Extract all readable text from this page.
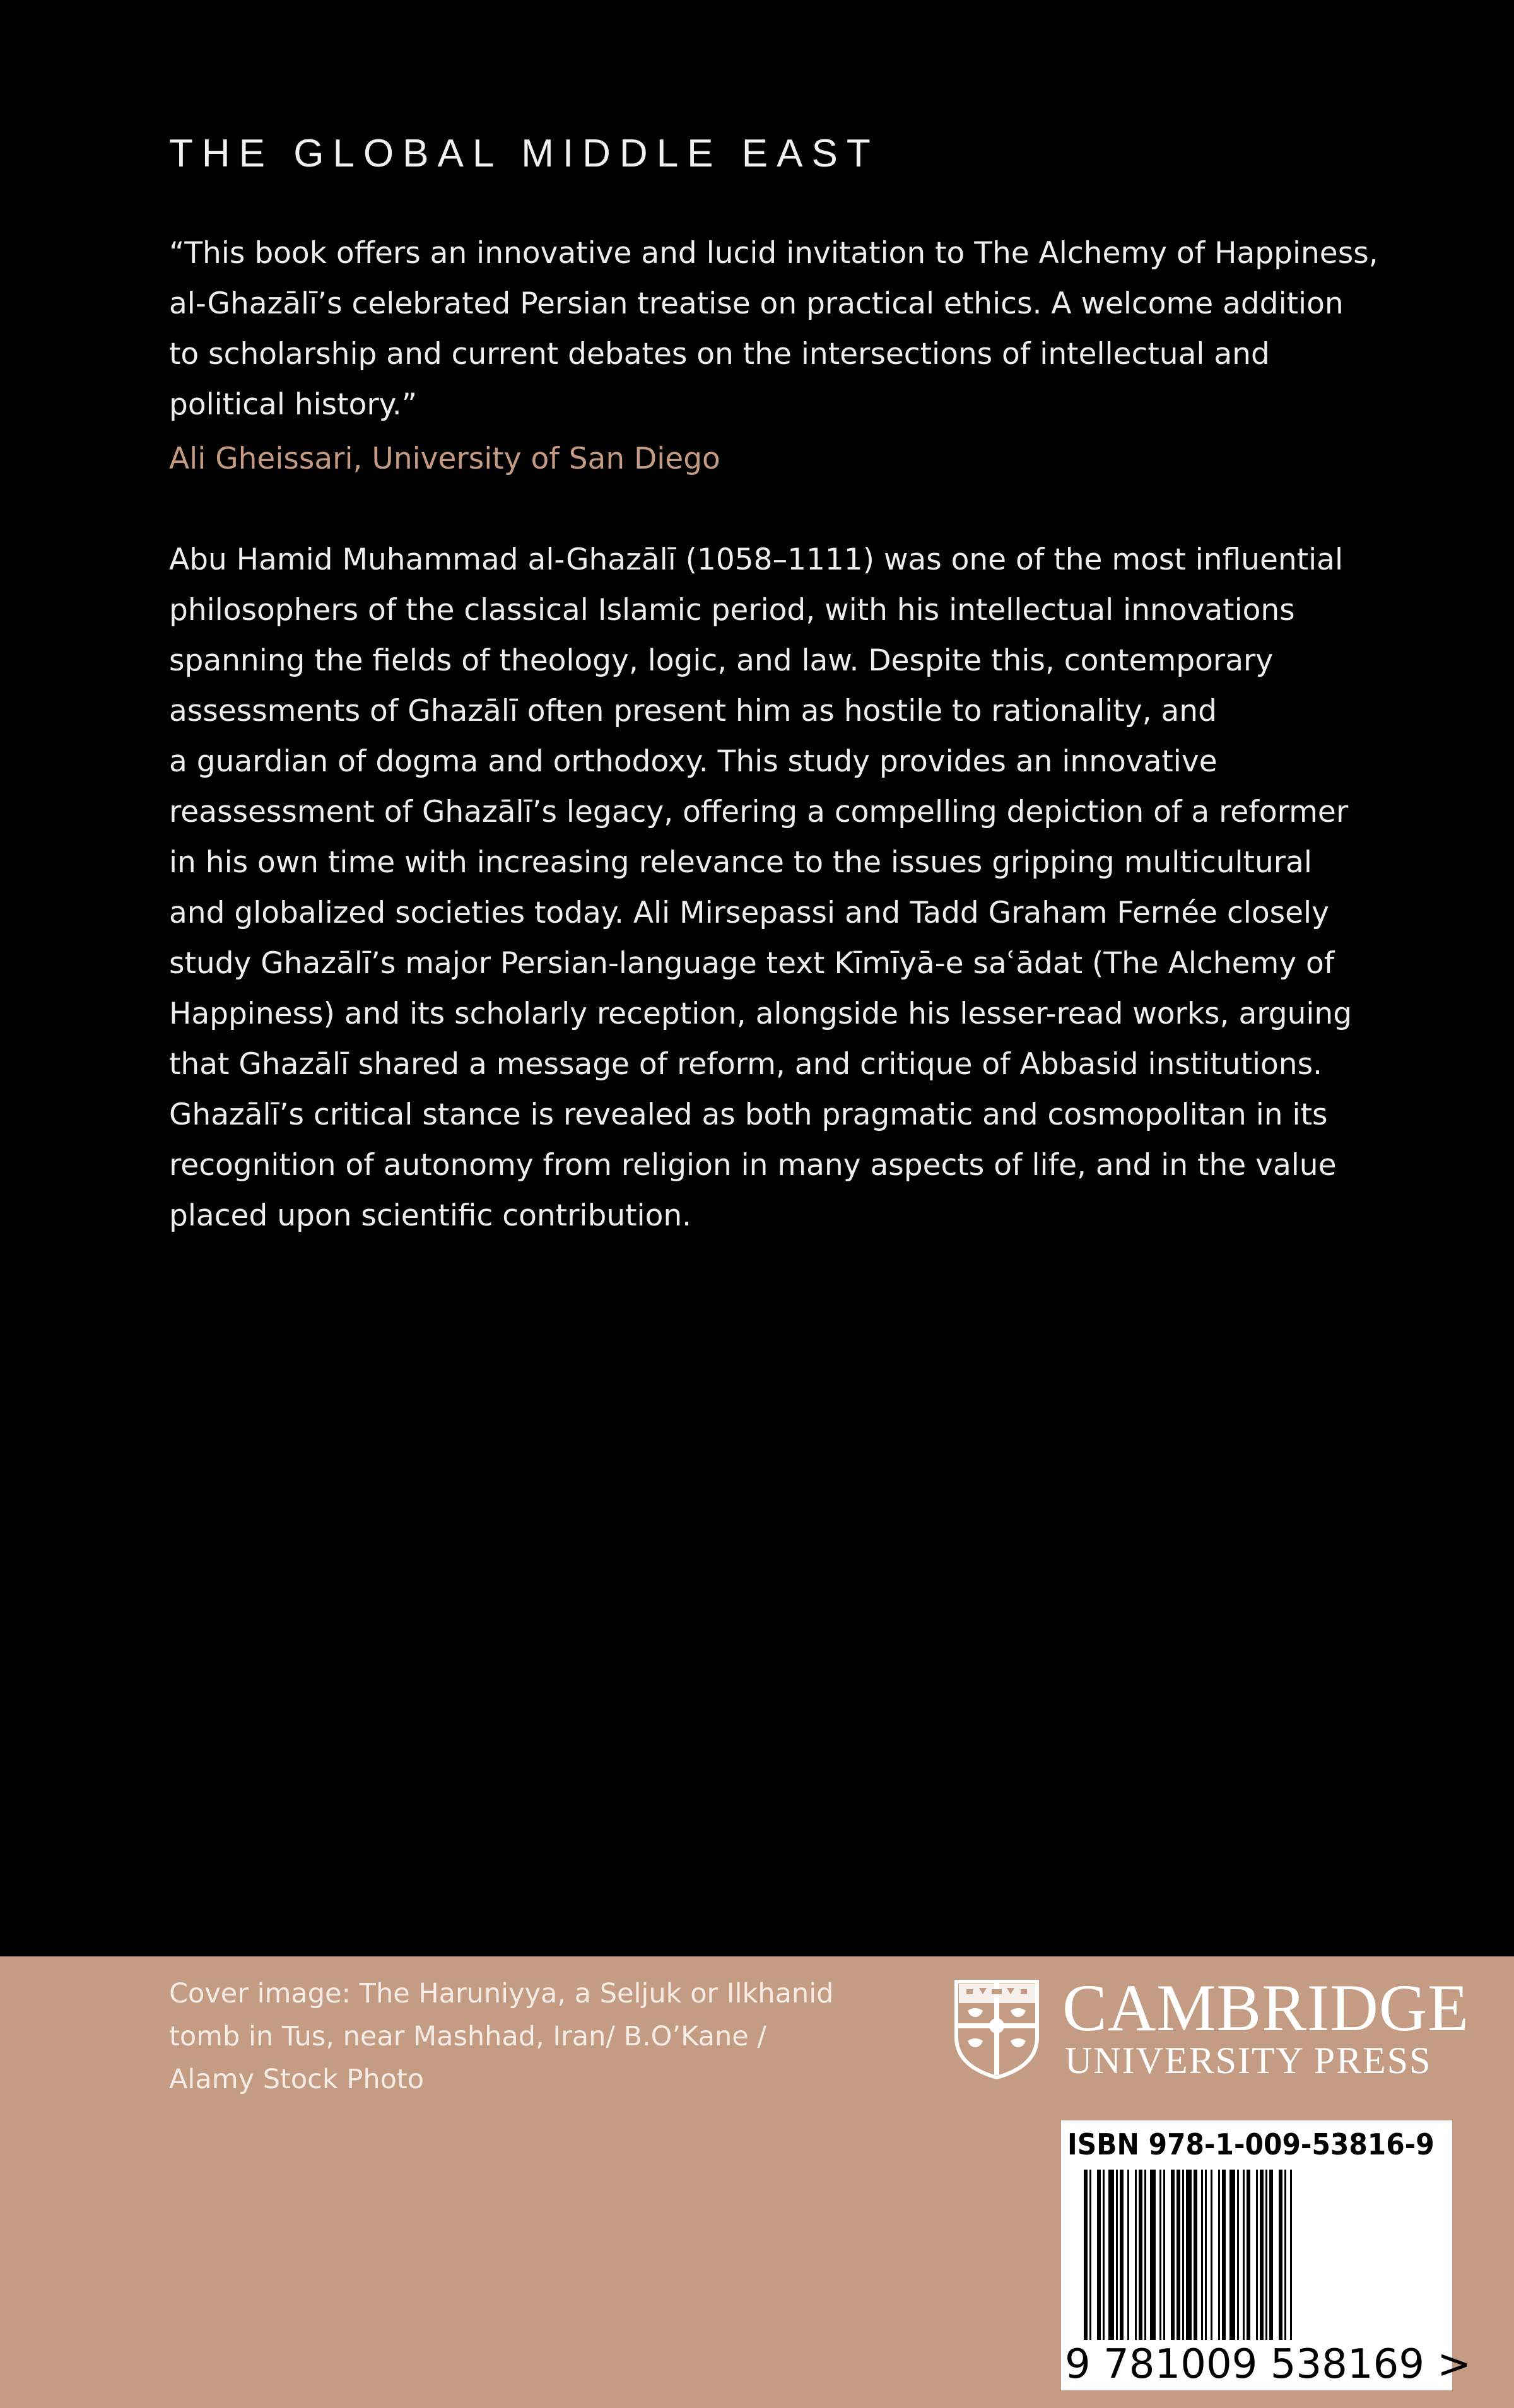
THE GLOBAL MIDDLE EAST

“This book offers an innovative and lucid invitation to The Alchemy of Happiness,
al-Ghazālī’s celebrated Persian treatise on practical ethics. A welcome addition
to scholarship and current debates on the intersections of intellectual and
political history.”

Ali Gheissari, University of San Diego

Abu Hamid Muhammad al-Ghazālī (1058–1111) was one of the most influential
philosophers of the classical Islamic period, with his intellectual innovations
spanning the fields of theology, logic, and law. Despite this, contemporary
assessments of Ghazālī often present him as hostile to rationality, and
a guardian of dogma and orthodoxy. This study provides an innovative
reassessment of Ghazālī’s legacy, offering a compelling depiction of a reformer
in his own time with increasing relevance to the issues gripping multicultural
and globalized societies today. Ali Mirsepassi and Tadd Graham Fernée closely
study Ghazālī’s major Persian-language text Kīmīyā-e saʿādat (The Alchemy of
Happiness) and its scholarly reception, alongside his lesser-read works, arguing
that Ghazālī shared a message of reform, and critique of Abbasid institutions.
Ghazālī’s critical stance is revealed as both pragmatic and cosmopolitan in its
recognition of autonomy from religion in many aspects of life, and in the value
placed upon scientific contribution.

Cover image: The Haruniyya, a Seljuk or Ilkhanid
tomb in Tus, near Mashhad, Iran/ B.O’Kane /
Alamy Stock Photo

CAMBRIDGE
UNIVERSITY PRESS
ISBN 978-1-009-53816-9
9 781009 538169 >
